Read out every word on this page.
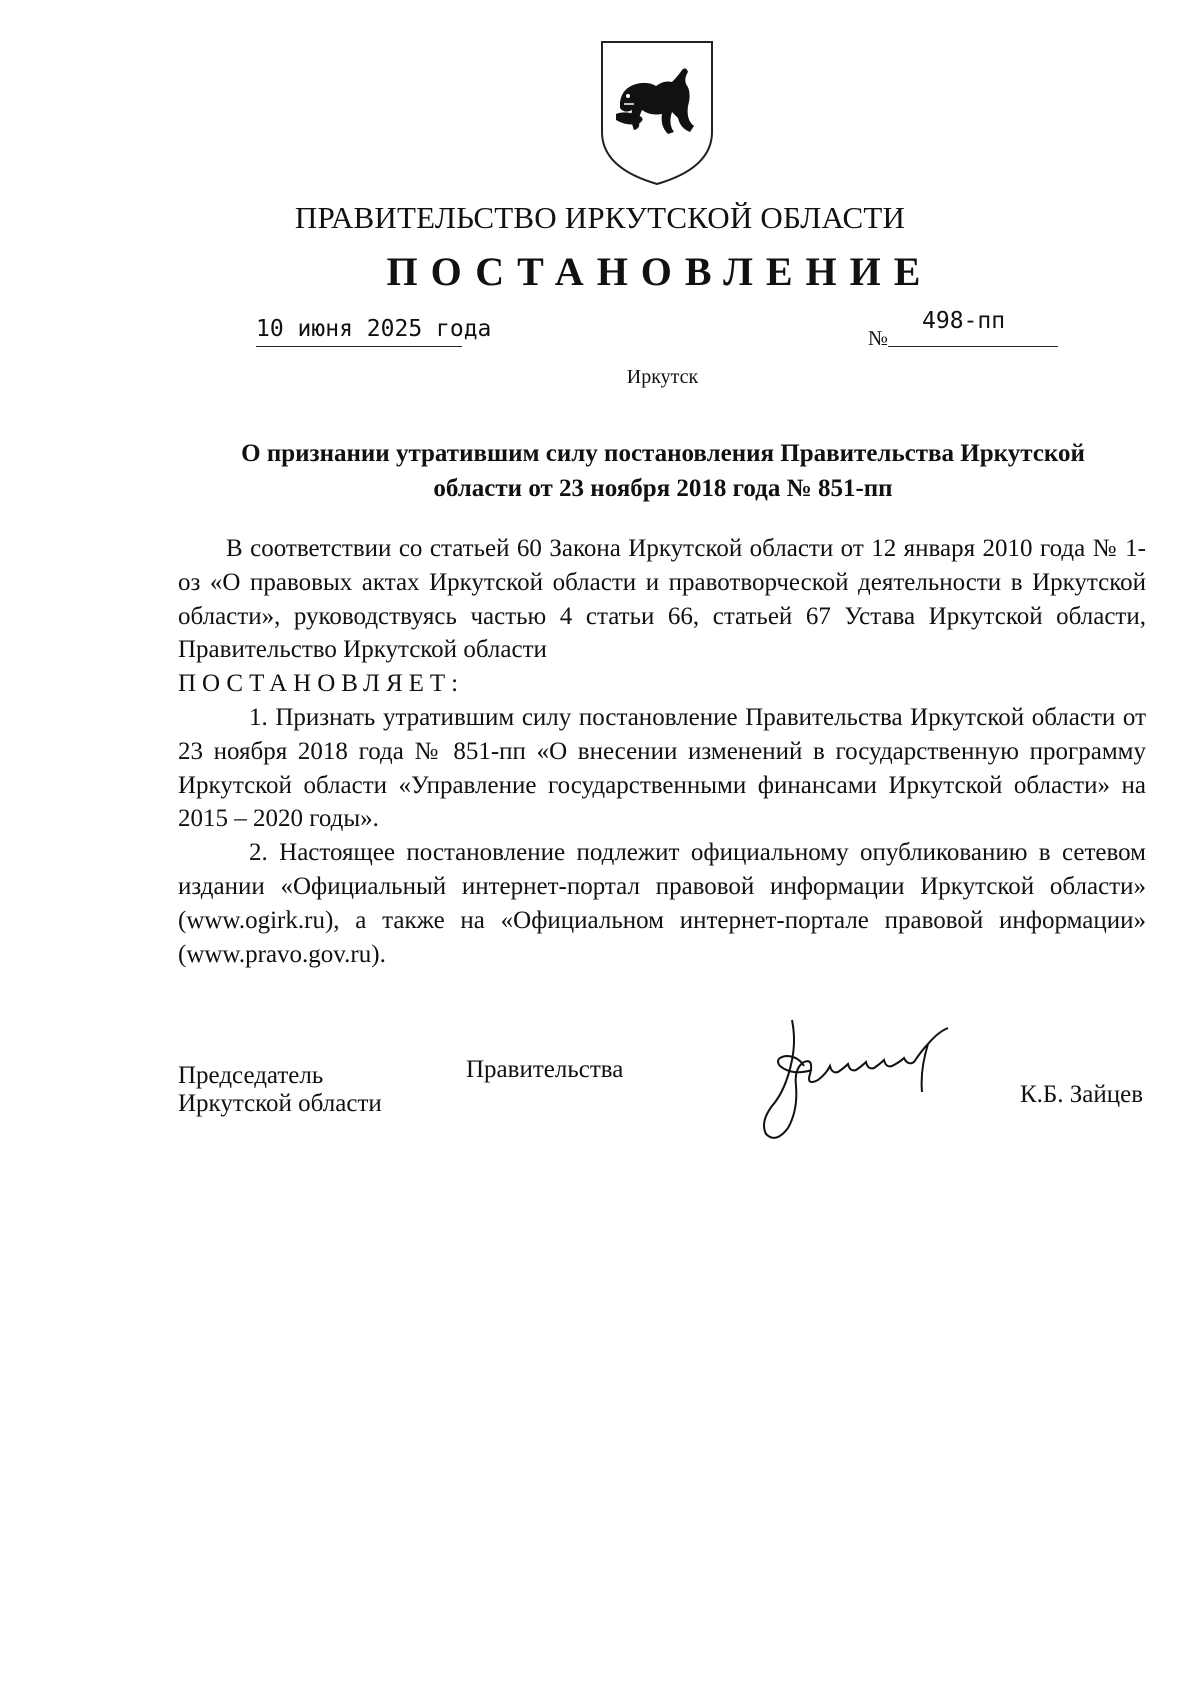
ПРАВИТЕЛЬСТВО ИРКУТСКОЙ ОБЛАСТИ
ПОСТАНОВЛЕНИЕ
10 июня 2025 года	№
498-пп
Иркутск
О признании утратившим силу постановления Правительства Иркутской
области от 23 ноября 2018 года № 851-пп

В соответствии со статьей 60 Закона Иркутской области от 12 января 2010 года № 1-оз «О правовых актах Иркутской области и правотворческой деятельности в Иркутской области», руководствуясь частью 4 статьи 66, статьей 67 Устава Иркутской области, Правительство Иркутской области

ПОСТАНОВЛЯЕТ:

1. Признать утратившим силу постановление Правительства Иркутской области от 23 ноября 2018 года № 851-пп «О внесении изменений в государственную программу Иркутской области «Управление государственными финансами Иркутской области» на 2015 – 2020 годы».

2. Настоящее постановление подлежит официальному опубликованию в сетевом издании «Официальный интернет-портал правовой информации Иркутской области» (www.ogirk.ru), а также на «Официальном интернет-портале правовой информации» (www.pravo.gov.ru).

Председатель
Иркутской области
Правительства
К.Б. Зайцев
